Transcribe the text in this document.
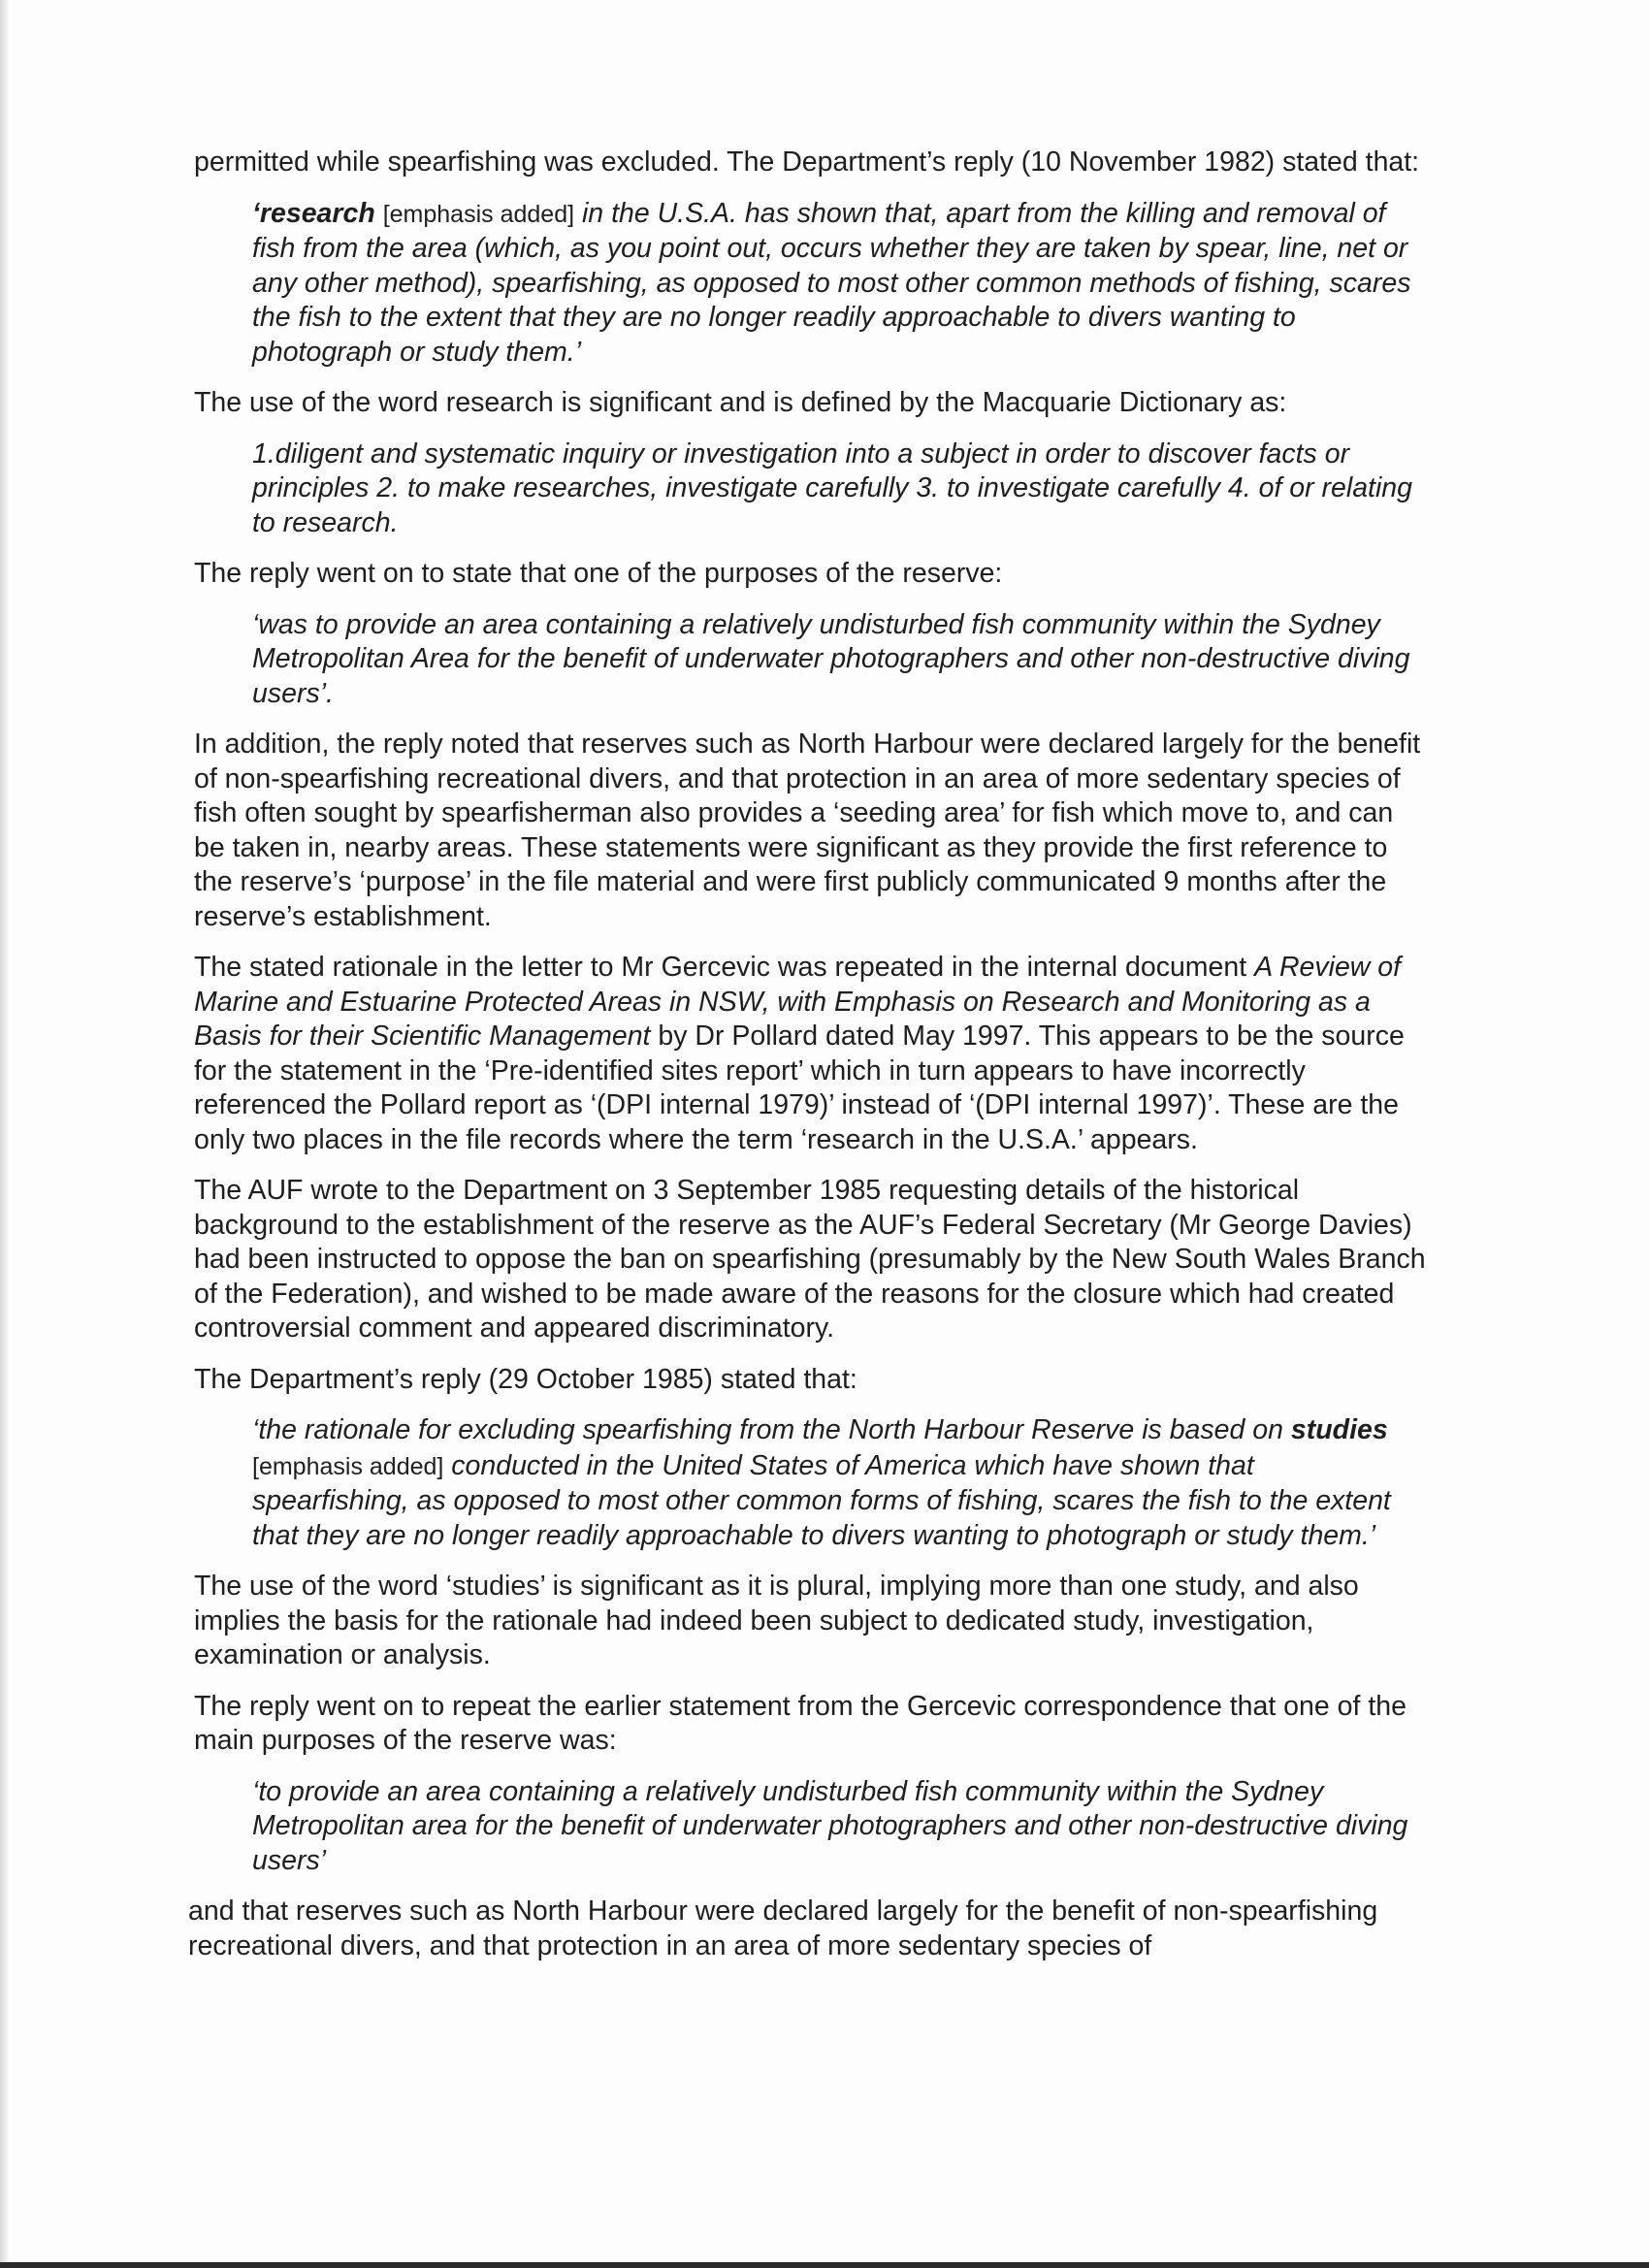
permitted while spearfishing was excluded. The Department’s reply (10 November 1982) stated that:

‘research [emphasis added] in the U.S.A. has shown that, apart from the killing and removal of fish from the area (which, as you point out, occurs whether they are taken by spear, line, net or any other method), spearfishing, as opposed to most other common methods of fishing, scares the fish to the extent that they are no longer readily approachable to divers wanting to photograph or study them.’

The use of the word research is significant and is defined by the Macquarie Dictionary as:

1.diligent and systematic inquiry or investigation into a subject in order to discover facts or principles 2. to make researches, investigate carefully 3. to investigate carefully 4. of or relating to research.

The reply went on to state that one of the purposes of the reserve:

‘was to provide an area containing a relatively undisturbed fish community within the Sydney Metropolitan Area for the benefit of underwater photographers and other non-destructive diving users’.

In addition, the reply noted that reserves such as North Harbour were declared largely for the benefit of non-spearfishing recreational divers, and that protection in an area of more sedentary species of fish often sought by spearfisherman also provides a ‘seeding area’ for fish which move to, and can be taken in, nearby areas. These statements were significant as they provide the first reference to the reserve’s ‘purpose’ in the file material and were first publicly communicated 9 months after the reserve’s establishment.

The stated rationale in the letter to Mr Gercevic was repeated in the internal document A Review of Marine and Estuarine Protected Areas in NSW, with Emphasis on Research and Monitoring as a Basis for their Scientific Management by Dr Pollard dated May 1997. This appears to be the source for the statement in the ‘Pre-identified sites report’ which in turn appears to have incorrectly referenced the Pollard report as ‘(DPI internal 1979)’ instead of ‘(DPI internal 1997)’. These are the only two places in the file records where the term ‘research in the U.S.A.’ appears.

The AUF wrote to the Department on 3 September 1985 requesting details of the historical background to the establishment of the reserve as the AUF’s Federal Secretary (Mr George Davies) had been instructed to oppose the ban on spearfishing (presumably by the New South Wales Branch of the Federation), and wished to be made aware of the reasons for the closure which had created controversial comment and appeared discriminatory.

The Department’s reply (29 October 1985) stated that:

‘the rationale for excluding spearfishing from the North Harbour Reserve is based on studies [emphasis added] conducted in the United States of America which have shown that spearfishing, as opposed to most other common forms of fishing, scares the fish to the extent that they are no longer readily approachable to divers wanting to photograph or study them.’

The use of the word ‘studies’ is significant as it is plural, implying more than one study, and also implies the basis for the rationale had indeed been subject to dedicated study, investigation, examination or analysis.

The reply went on to repeat the earlier statement from the Gercevic correspondence that one of the main purposes of the reserve was:

‘to provide an area containing a relatively undisturbed fish community within the Sydney Metropolitan area for the benefit of underwater photographers and other non-destructive diving users’

and that reserves such as North Harbour were declared largely for the benefit of non-spearfishing recreational divers, and that protection in an area of more sedentary species of
